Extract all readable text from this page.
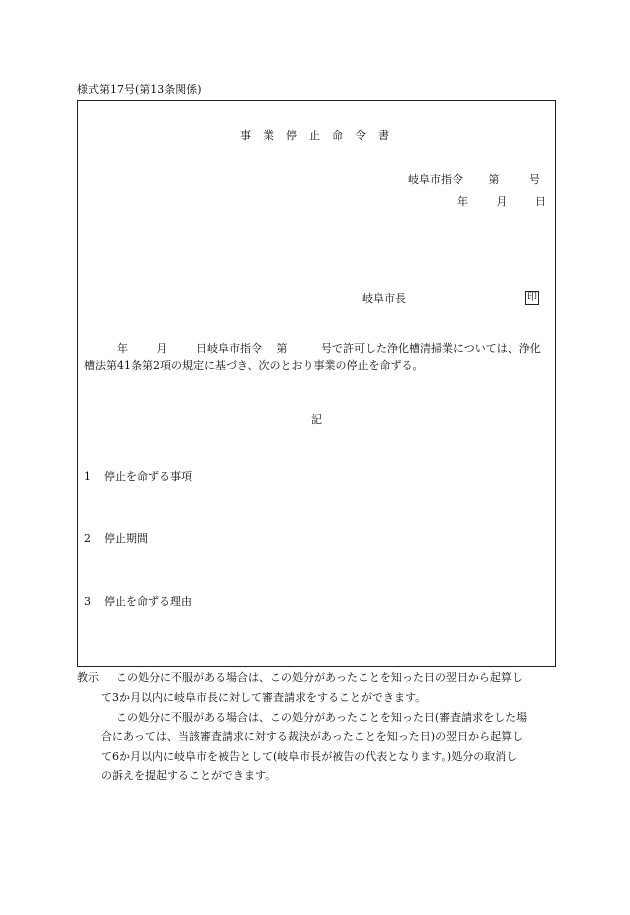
様式第17号(第13条関係)
事業停止命令書
岐阜市指令 第	号
年	月	日
岐阜市長	印
年	月	日岐阜市指令 第	号で許可した浄化槽清掃業については、浄化
槽法第41条第2項の規定に基づき、次のとおり事業の停止を命ずる。
記
1 停止を命ずる事項
2 停止期間
3 停止を命ずる理由
教示 この処分に不服がある場合は、この処分があったことを知った日の翌日から起算し
て3か月以内に岐阜市長に対して審査請求をすることができます。
この処分に不服がある場合は、この処分があったことを知った日(審査請求をした場
合にあっては、当該審査請求に対する裁決があったことを知った日)の翌日から起算し
て6か月以内に岐阜市を被告として(岐阜市長が被告の代表となります。)処分の取消し
の訴えを提起することができます。
